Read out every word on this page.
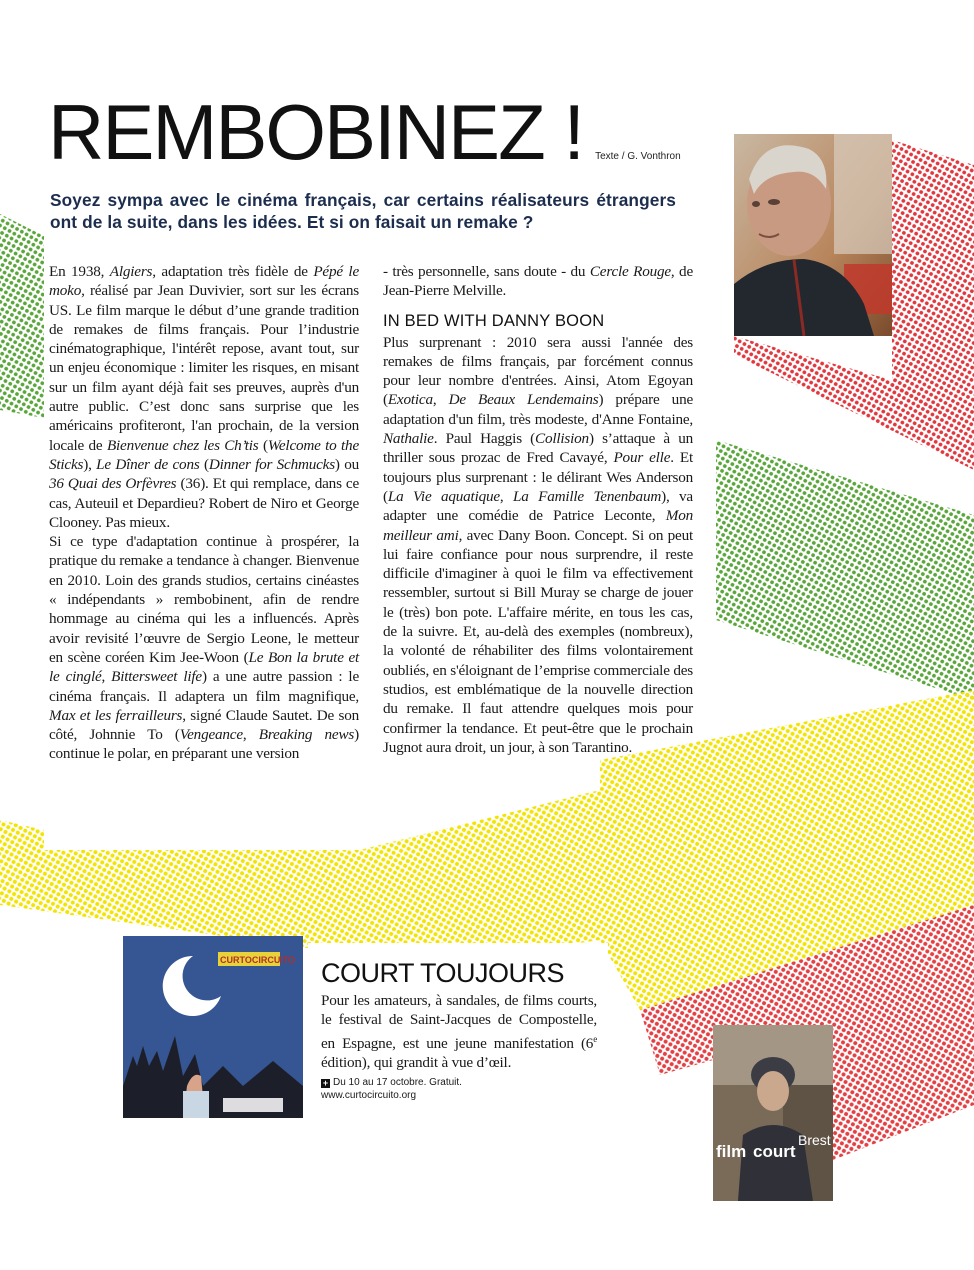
REMBOBINEZ ! Texte / G. Vonthron
Soyez sympa avec le cinéma français, car certains réalisateurs étrangers ont de la suite, dans les idées. Et si on faisait un remake ?

En 1938, Algiers, adaptation très fidèle de Pépé le moko, réalisé par Jean Duvivier, sort sur les écrans US. Le film marque le début d’une grande tradition de remakes de films français. Pour l’industrie cinématographique, l'intérêt repose, avant tout, sur un enjeu économique : limiter les risques, en misant sur un film ayant déjà fait ses preuves, auprès d'un autre public. C’est donc sans surprise que les américains profiteront, l'an prochain, de la version locale de Bienvenue chez les Ch’tis (Welcome to the Sticks), Le Dîner de cons (Dinner for Schmucks) ou 36 Quai des Orfèvres (36). Et qui remplace, dans ce cas, Auteuil et Depardieu? Robert de Niro et George Clooney. Pas mieux.

Si ce type d'adaptation continue à prospérer, la pratique du remake a tendance à changer. Bienvenue en 2010. Loin des grands studios, certains cinéastes « indépendants » rembobinent, afin de rendre hommage au cinéma qui les a influencés. Après avoir revisité l’œuvre de Sergio Leone, le metteur en scène coréen Kim Jee-Woon (Le Bon la brute et le cinglé, Bittersweet life) a une autre passion : le cinéma français. Il adaptera un film magnifique, Max et les ferrailleurs, signé Claude Sautet. De son côté, Johnnie To (Vengeance, Breaking news) continue le polar, en préparant une version

- très personnelle, sans doute - du Cercle Rouge, de Jean-Pierre Melville.

IN BED WITH DANNY BOON

Plus surprenant : 2010 sera aussi l'année des remakes de films français, par forcément connus pour leur nombre d'entrées. Ainsi, Atom Egoyan (Exotica, De Beaux Lendemains) prépare une adaptation d'un film, très modeste, d'Anne Fontaine, Nathalie. Paul Haggis (Collision) s’attaque à un thriller sous prozac de Fred Cavayé, Pour elle. Et toujours plus surprenant : le délirant Wes Anderson (La Vie aquatique, La Famille Tenenbaum), va adapter une comédie de Patrice Leconte, Mon meilleur ami, avec Dany Boon. Concept. Si on peut lui faire confiance pour nous surprendre, il reste difficile d'imaginer à quoi le film va effectivement ressembler, surtout si Bill Muray se charge de jouer le (très) bon pote. L'affaire mérite, en tous les cas, de la suivre. Et, au-delà des exemples (nombreux), la volonté de réhabiliter des films volontairement oubliés, en s'éloignant de l’emprise commerciale des studios, est emblématique de la nouvelle direction du remake. Il faut attendre quelques mois pour confirmer la tendance. Et peut-être que le prochain Jugnot aura droit, un jour, à son Tarantino.

CURTOCIRCUITO
film court
Brest
COURT TOUJOURS
Pour les amateurs, à sandales, de films courts, le festival de Saint-Jacques de Compostelle, en Espagne, est une jeune manifestation (6e édition), qui grandit à vue d’œil.
+ Du 10 au 17 octobre. Gratuit.
www.curtocircuito.org
